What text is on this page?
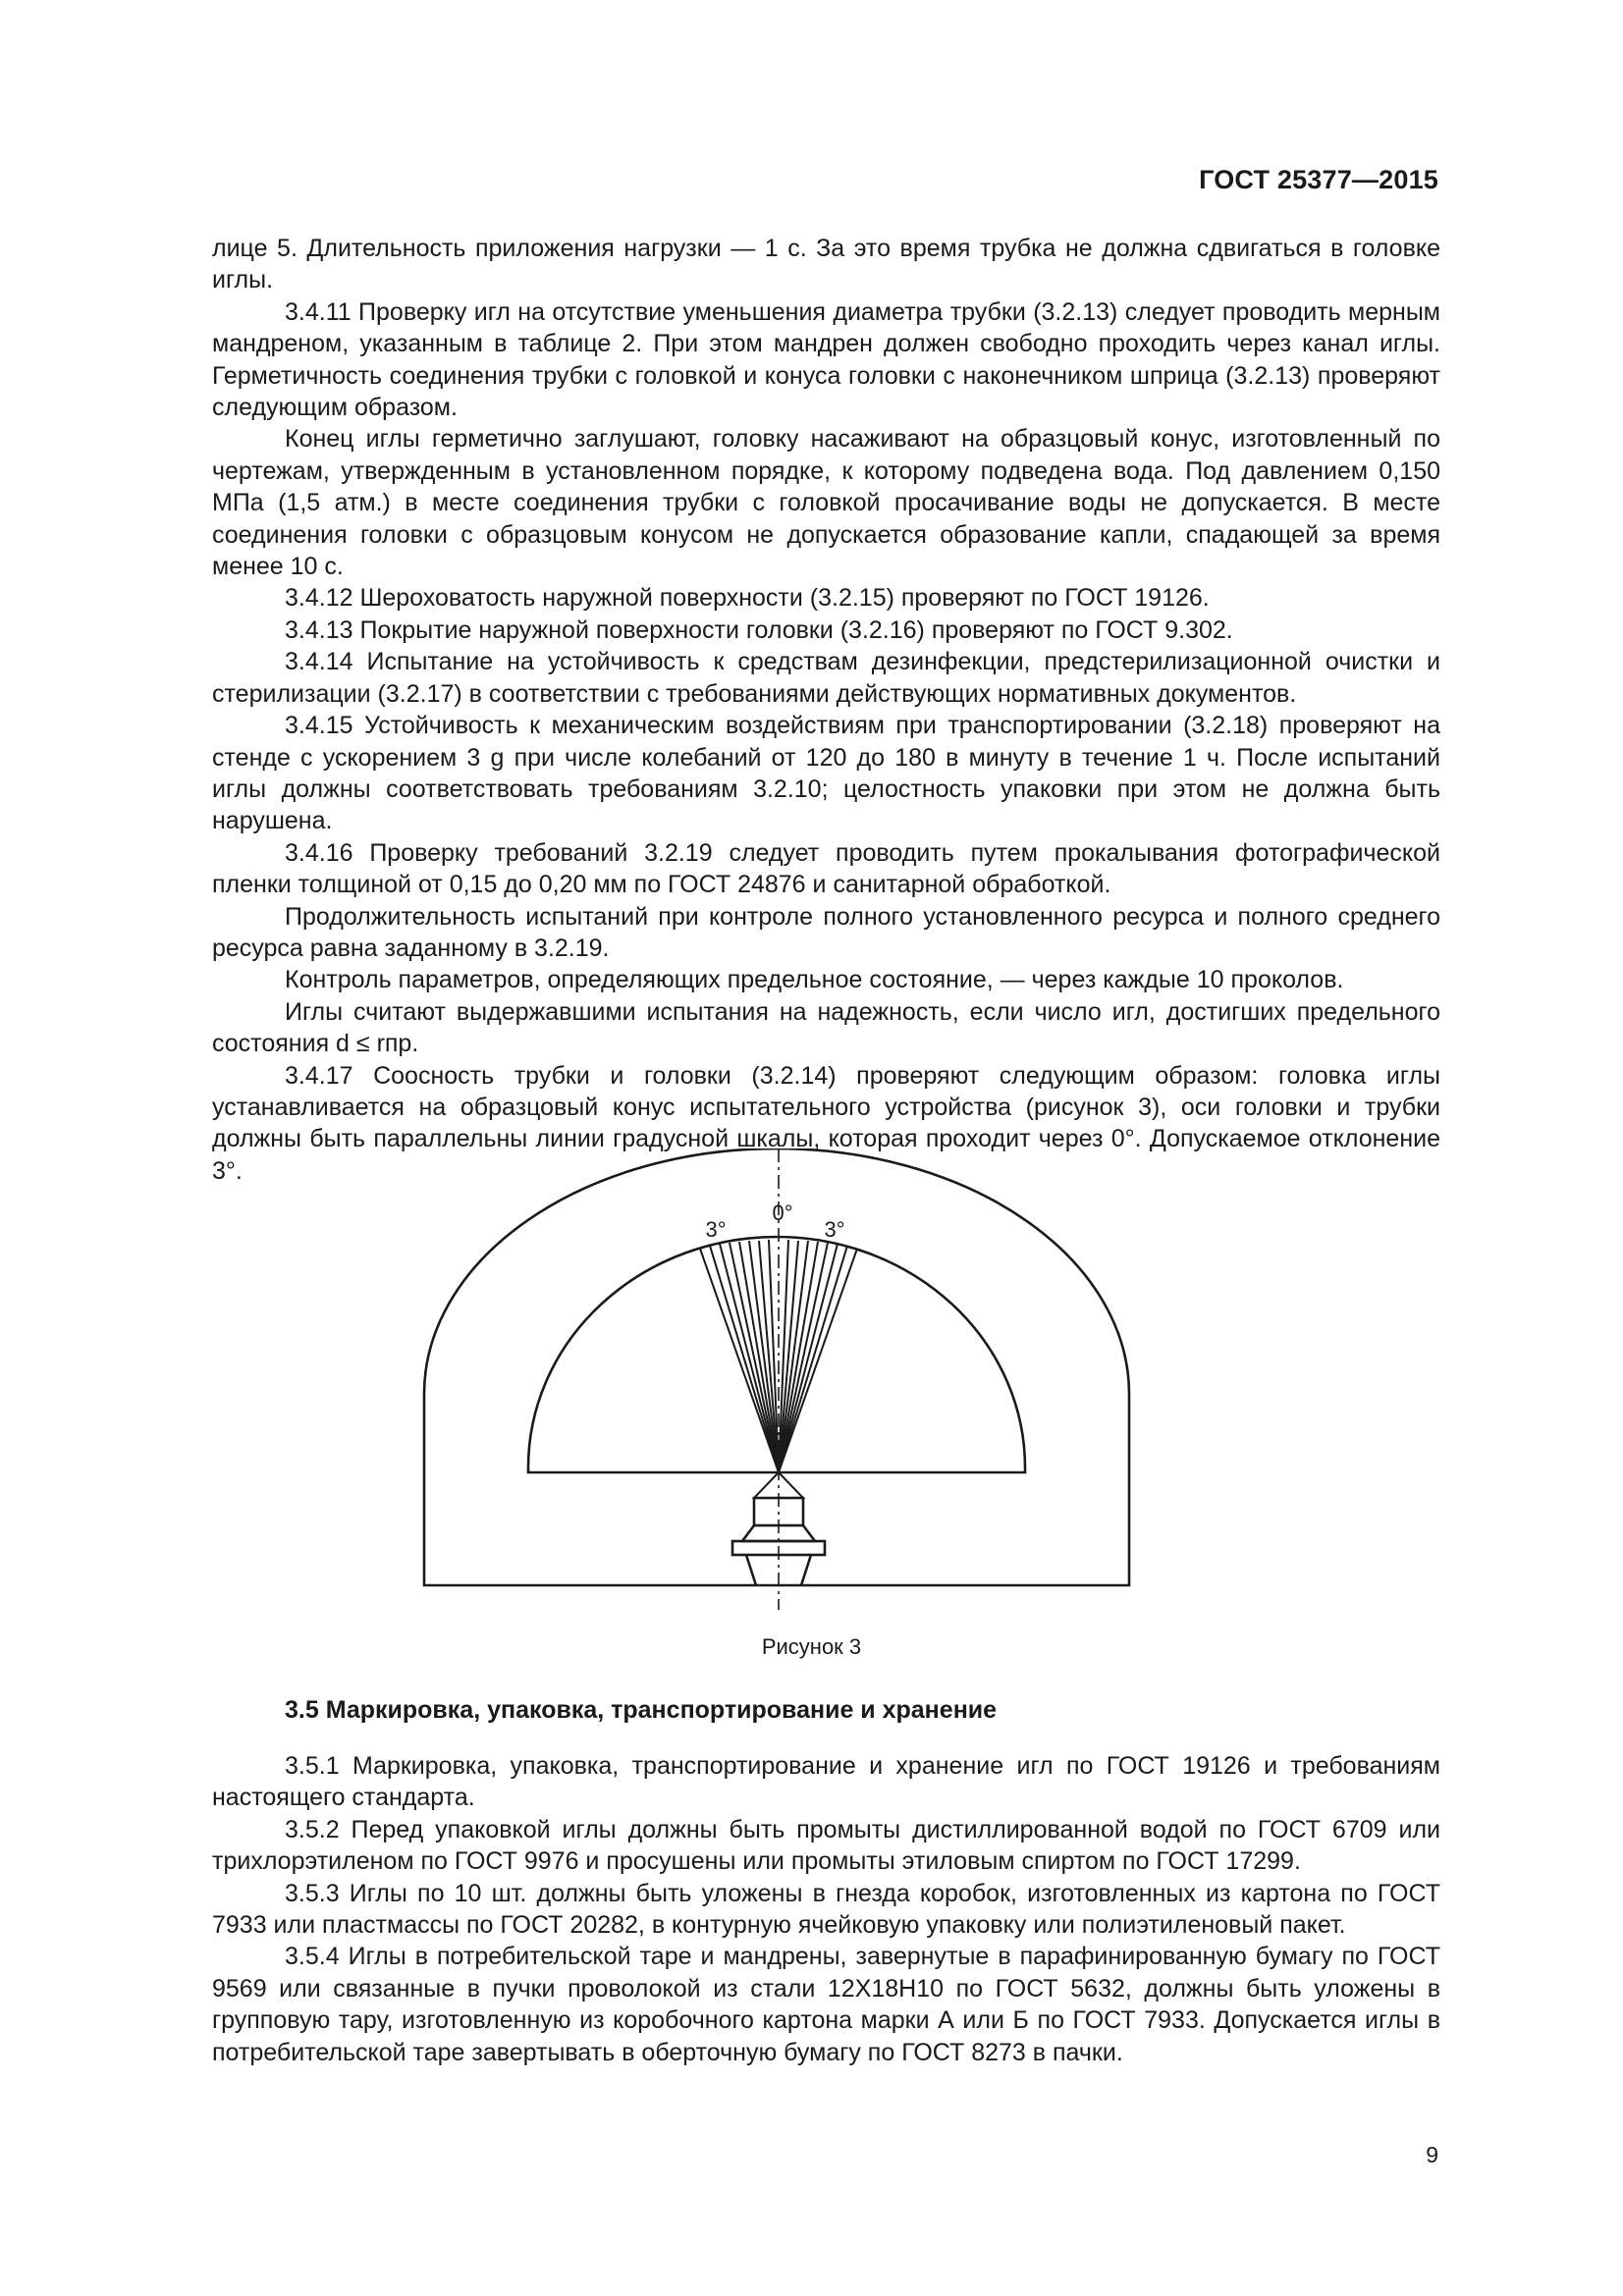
ГОСТ 25377—2015

лице 5. Длительность приложения нагрузки — 1 с. За это время трубка не должна сдвигаться в головке иглы.

3.4.11 Проверку игл на отсутствие уменьшения диаметра трубки (3.2.13) следует проводить мерным мандреном, указанным в таблице 2. При этом мандрен должен свободно проходить через канал иглы. Герметичность соединения трубки с головкой и конуса головки с наконечником шприца (3.2.13) проверяют следующим образом.

Конец иглы герметично заглушают, головку насаживают на образцовый конус, изготовленный по чертежам, утвержденным в установленном порядке, к которому подведена вода. Под давлением 0,150 МПа (1,5 атм.) в месте соединения трубки с головкой просачивание воды не допускается. В месте соединения головки с образцовым конусом не допускается образование капли, спадающей за время менее 10 с.

3.4.12 Шероховатость наружной поверхности (3.2.15) проверяют по ГОСТ 19126.

3.4.13 Покрытие наружной поверхности головки (3.2.16) проверяют по ГОСТ 9.302.

3.4.14 Испытание на устойчивость к средствам дезинфекции, предстерилизационной очистки и стерилизации (3.2.17) в соответствии с требованиями действующих нормативных документов.

3.4.15 Устойчивость к механическим воздействиям при транспортировании (3.2.18) проверяют на стенде с ускорением 3 g при числе колебаний от 120 до 180 в минуту в течение 1 ч. После испытаний иглы должны соответствовать требованиям 3.2.10; целостность упаковки при этом не должна быть нарушена.

3.4.16 Проверку требований 3.2.19 следует проводить путем прокалывания фотографической пленки толщиной от 0,15 до 0,20 мм по ГОСТ 24876 и санитарной обработкой.

Продолжительность испытаний при контроле полного установленного ресурса и полного среднего ресурса равна заданному в 3.2.19.

Контроль параметров, определяющих предельное состояние, — через каждые 10 проколов.

Иглы считают выдержавшими испытания на надежность, если число игл, достигших предельного состояния d ≤ rпр.

3.4.17 Соосность трубки и головки (3.2.14) проверяют следующим образом: головка иглы устанавливается на образцовый конус испытательного устройства (рисунок 3), оси головки и трубки должны быть параллельны линии градусной шкалы, которая проходит через 0°. Допускаемое отклонение 3°.

3°
0°
3°
Рисунок 3
3.5 Маркировка, упаковка, транспортирование и хранение

3.5.1 Маркировка, упаковка, транспортирование и хранение игл по ГОСТ 19126 и требованиям настоящего стандарта.

3.5.2 Перед упаковкой иглы должны быть промыты дистиллированной водой по ГОСТ 6709 или трихлорэтиленом по ГОСТ 9976 и просушены или промыты этиловым спиртом по ГОСТ 17299.

3.5.3 Иглы по 10 шт. должны быть уложены в гнезда коробок, изготовленных из картона по ГОСТ 7933 или пластмассы по ГОСТ 20282, в контурную ячейковую упаковку или полиэтиленовый пакет.

3.5.4 Иглы в потребительской таре и мандрены, завернутые в парафинированную бумагу по ГОСТ 9569 или связанные в пучки проволокой из стали 12Х18Н10 по ГОСТ 5632, должны быть уложены в групповую тару, изготовленную из коробочного картона марки А или Б по ГОСТ 7933. Допускается иглы в потребительской таре завертывать в оберточную бумагу по ГОСТ 8273 в пачки.

9
